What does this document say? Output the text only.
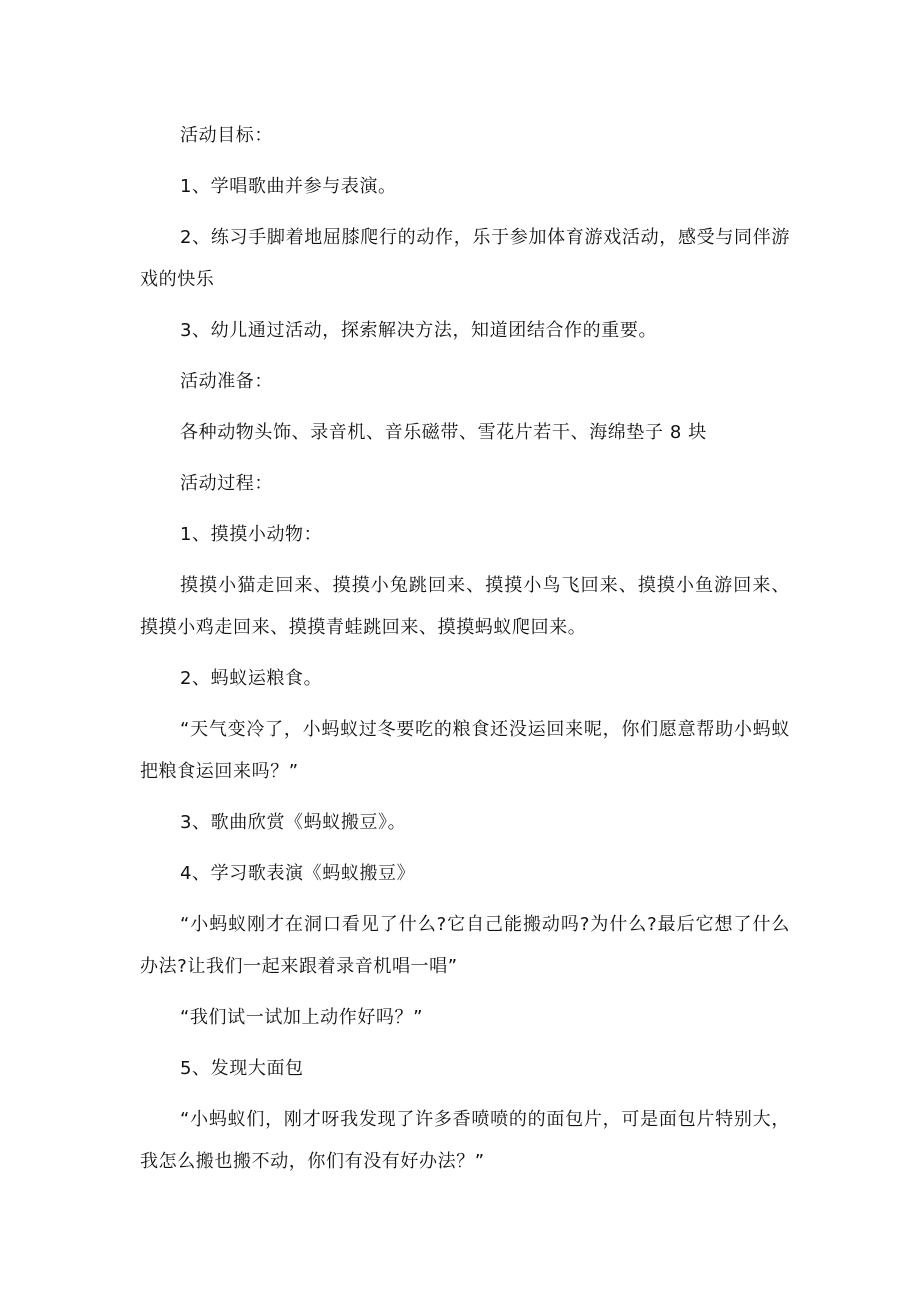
活动目标：

1、学唱歌曲并参与表演。

2、练习手脚着地屈膝爬行的动作，乐于参加体育游戏活动，感受与同伴游戏的快乐

3、幼儿通过活动，探索解决方法，知道团结合作的重要。

活动准备：

各种动物头饰、录音机、音乐磁带、雪花片若干、海绵垫子 8 块

活动过程：

1、摸摸小动物：

摸摸小猫走回来、摸摸小兔跳回来、摸摸小鸟飞回来、摸摸小鱼游回来、摸摸小鸡走回来、摸摸青蛙跳回来、摸摸蚂蚁爬回来。

2、蚂蚁运粮食。

“天气变冷了，小蚂蚁过冬要吃的粮食还没运回来呢，你们愿意帮助小蚂蚁把粮食运回来吗？”

3、歌曲欣赏《蚂蚁搬豆》。

4、学习歌表演《蚂蚁搬豆》

“小蚂蚁刚才在洞口看见了什么?它自己能搬动吗?为什么?最后它想了什么办法?让我们一起来跟着录音机唱一唱”

“我们试一试加上动作好吗？”

5、发现大面包

“小蚂蚁们，刚才呀我发现了许多香喷喷的的面包片，可是面包片特别大，我怎么搬也搬不动，你们有没有好办法？”
